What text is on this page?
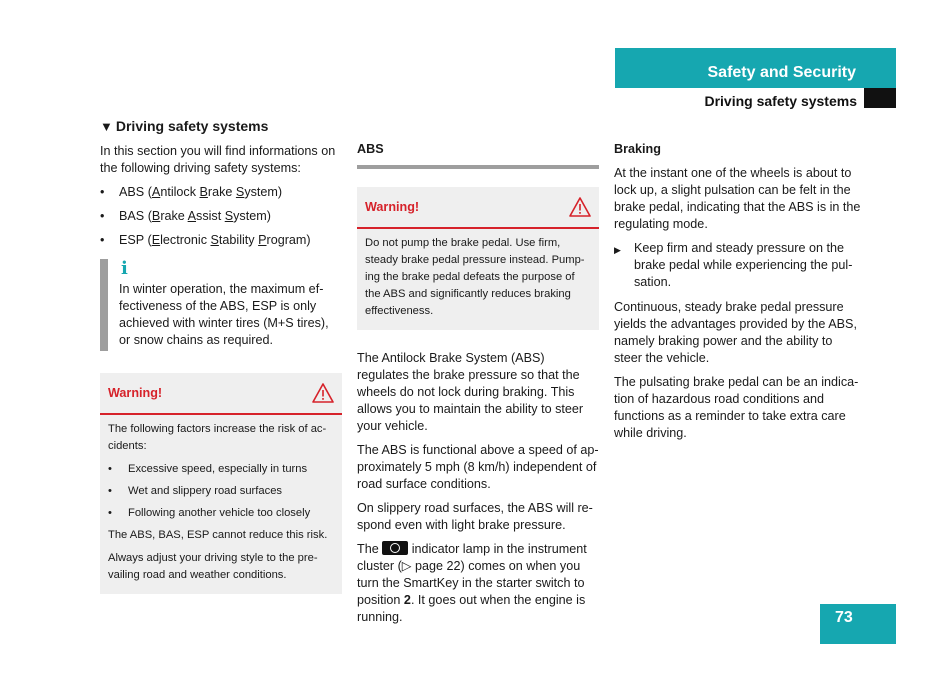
Safety and Security
Driving safety systems
▼ Driving safety systems

In this section you will find informations on the following driving safety systems:

•	ABS (Antilock Brake System)
•	BAS (Brake Assist System)
•	ESP (Electronic Stability Program)
i

In winter operation, the maximum ef-fectiveness of the ABS, ESP is only achieved with winter tires (M+S tires), or snow chains as required.

Warning!

The following factors increase the risk of ac-cidents:

•	Excessive speed, especially in turns
•	Wet and slippery road surfaces
•	Following another vehicle too closely

The ABS, BAS, ESP cannot reduce this risk.

Always adjust your driving style to the pre-vailing road and weather conditions.

ABS
Warning!

Do not pump the brake pedal. Use firm, steady brake pedal pressure instead. Pump-ing the brake pedal defeats the purpose of the ABS and significantly reduces braking effectiveness.

The Antilock Brake System (ABS) regulates the brake pressure so that the wheels do not lock during braking. This allows you to maintain the ability to steer your vehicle.

The ABS is functional above a speed of ap-proximately 5 mph (8 km/h) independent of road surface conditions.

On slippery road surfaces, the ABS will re-spond even with light brake pressure.

The	indicator lamp in the instrument cluster (▷ page 22) comes on when you turn the SmartKey in the starter switch to position 2. It goes out when the engine is running.

Braking

At the instant one of the wheels is about to lock up, a slight pulsation can be felt in the brake pedal, indicating that the ABS is in the regulating mode.

▶	Keep firm and steady pressure on the brake pedal while experiencing the pul-sation.

Continuous, steady brake pedal pressure yields the advantages provided by the ABS, namely braking power and the ability to steer the vehicle.

The pulsating brake pedal can be an indica-tion of hazardous road conditions and functions as a reminder to take extra care while driving.

73
